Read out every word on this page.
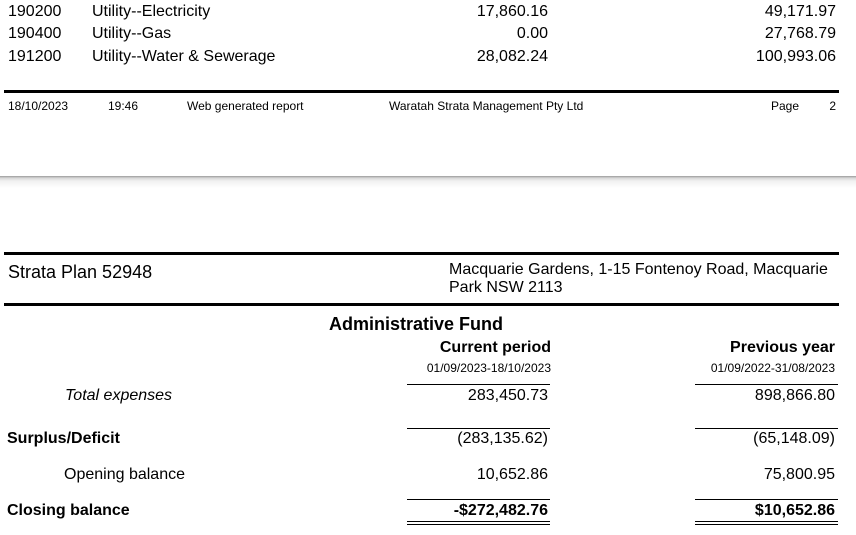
190200 Utility--Electricity	17,860.16	49,171.97
190400 Utility--Gas	0.00	27,768.79
191200 Utility--Water & Sewerage	28,082.24	100,993.06
18/10/2023	19:46	Web generated report	Waratah Strata Management Pty Ltd	Page	2
Strata Plan 52948	Macquarie Gardens, 1-15 Fontenoy Road, Macquarie
Park NSW 2113
Administrative Fund
Current period	Previous year
01/09/2023-18/10/2023	01/09/2022-31/08/2023
Total expenses	283,450.73	898,866.80
Surplus/Deficit	(283,135.62)	(65,148.09)
Opening balance	10,652.86	75,800.95
Closing balance	-$272,482.76	$10,652.86
